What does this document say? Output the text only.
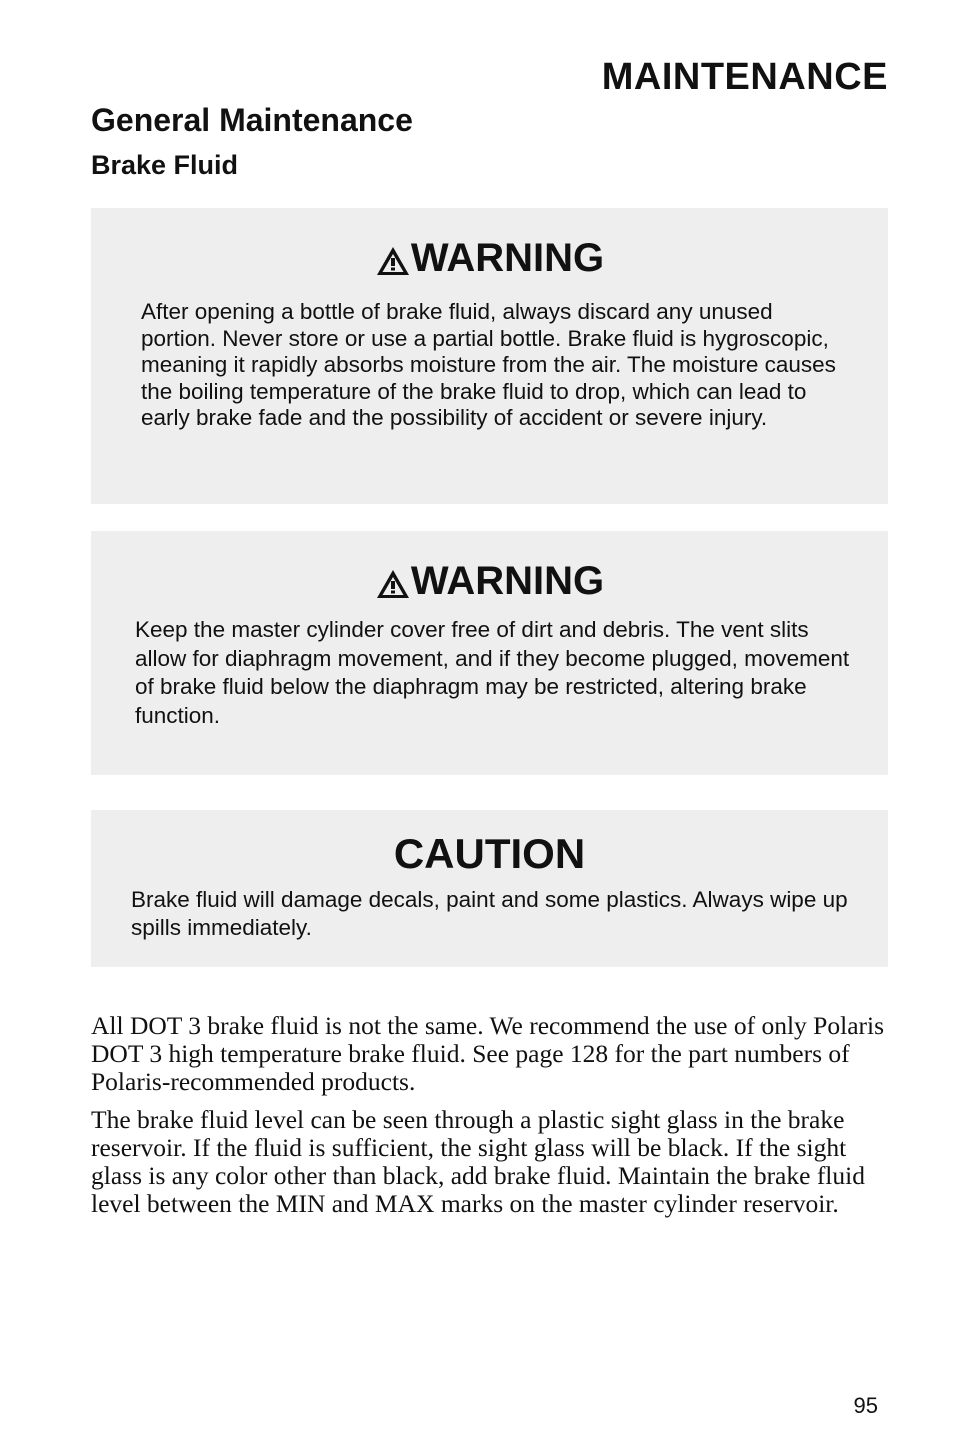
MAINTENANCE
General Maintenance
Brake Fluid
WARNING

After opening a bottle of brake fluid, always discard any unused portion. Never store or use a partial bottle. Brake fluid is hygroscopic, meaning it rapidly absorbs moisture from the air. The moisture causes the boiling temperature of the brake fluid to drop, which can lead to early brake fade and the possibility of accident or severe injury.

WARNING

Keep the master cylinder cover free of dirt and debris. The vent slits allow for diaphragm movement, and if they become plugged, movement of brake fluid below the diaphragm may be restricted, altering brake function.

CAUTION

Brake fluid will damage decals, paint and some plastics. Always wipe up spills immediately.

All DOT 3 brake fluid is not the same. We recommend the use of only Polaris DOT 3 high temperature brake fluid. See page 128 for the part numbers of Polaris-recommended products.

The brake fluid level can be seen through a plastic sight glass in the brake reservoir. If the fluid is sufficient, the sight glass will be black. If the sight glass is any color other than black, add brake fluid. Maintain the brake fluid level between the MIN and MAX marks on the master cylinder reservoir.

95
